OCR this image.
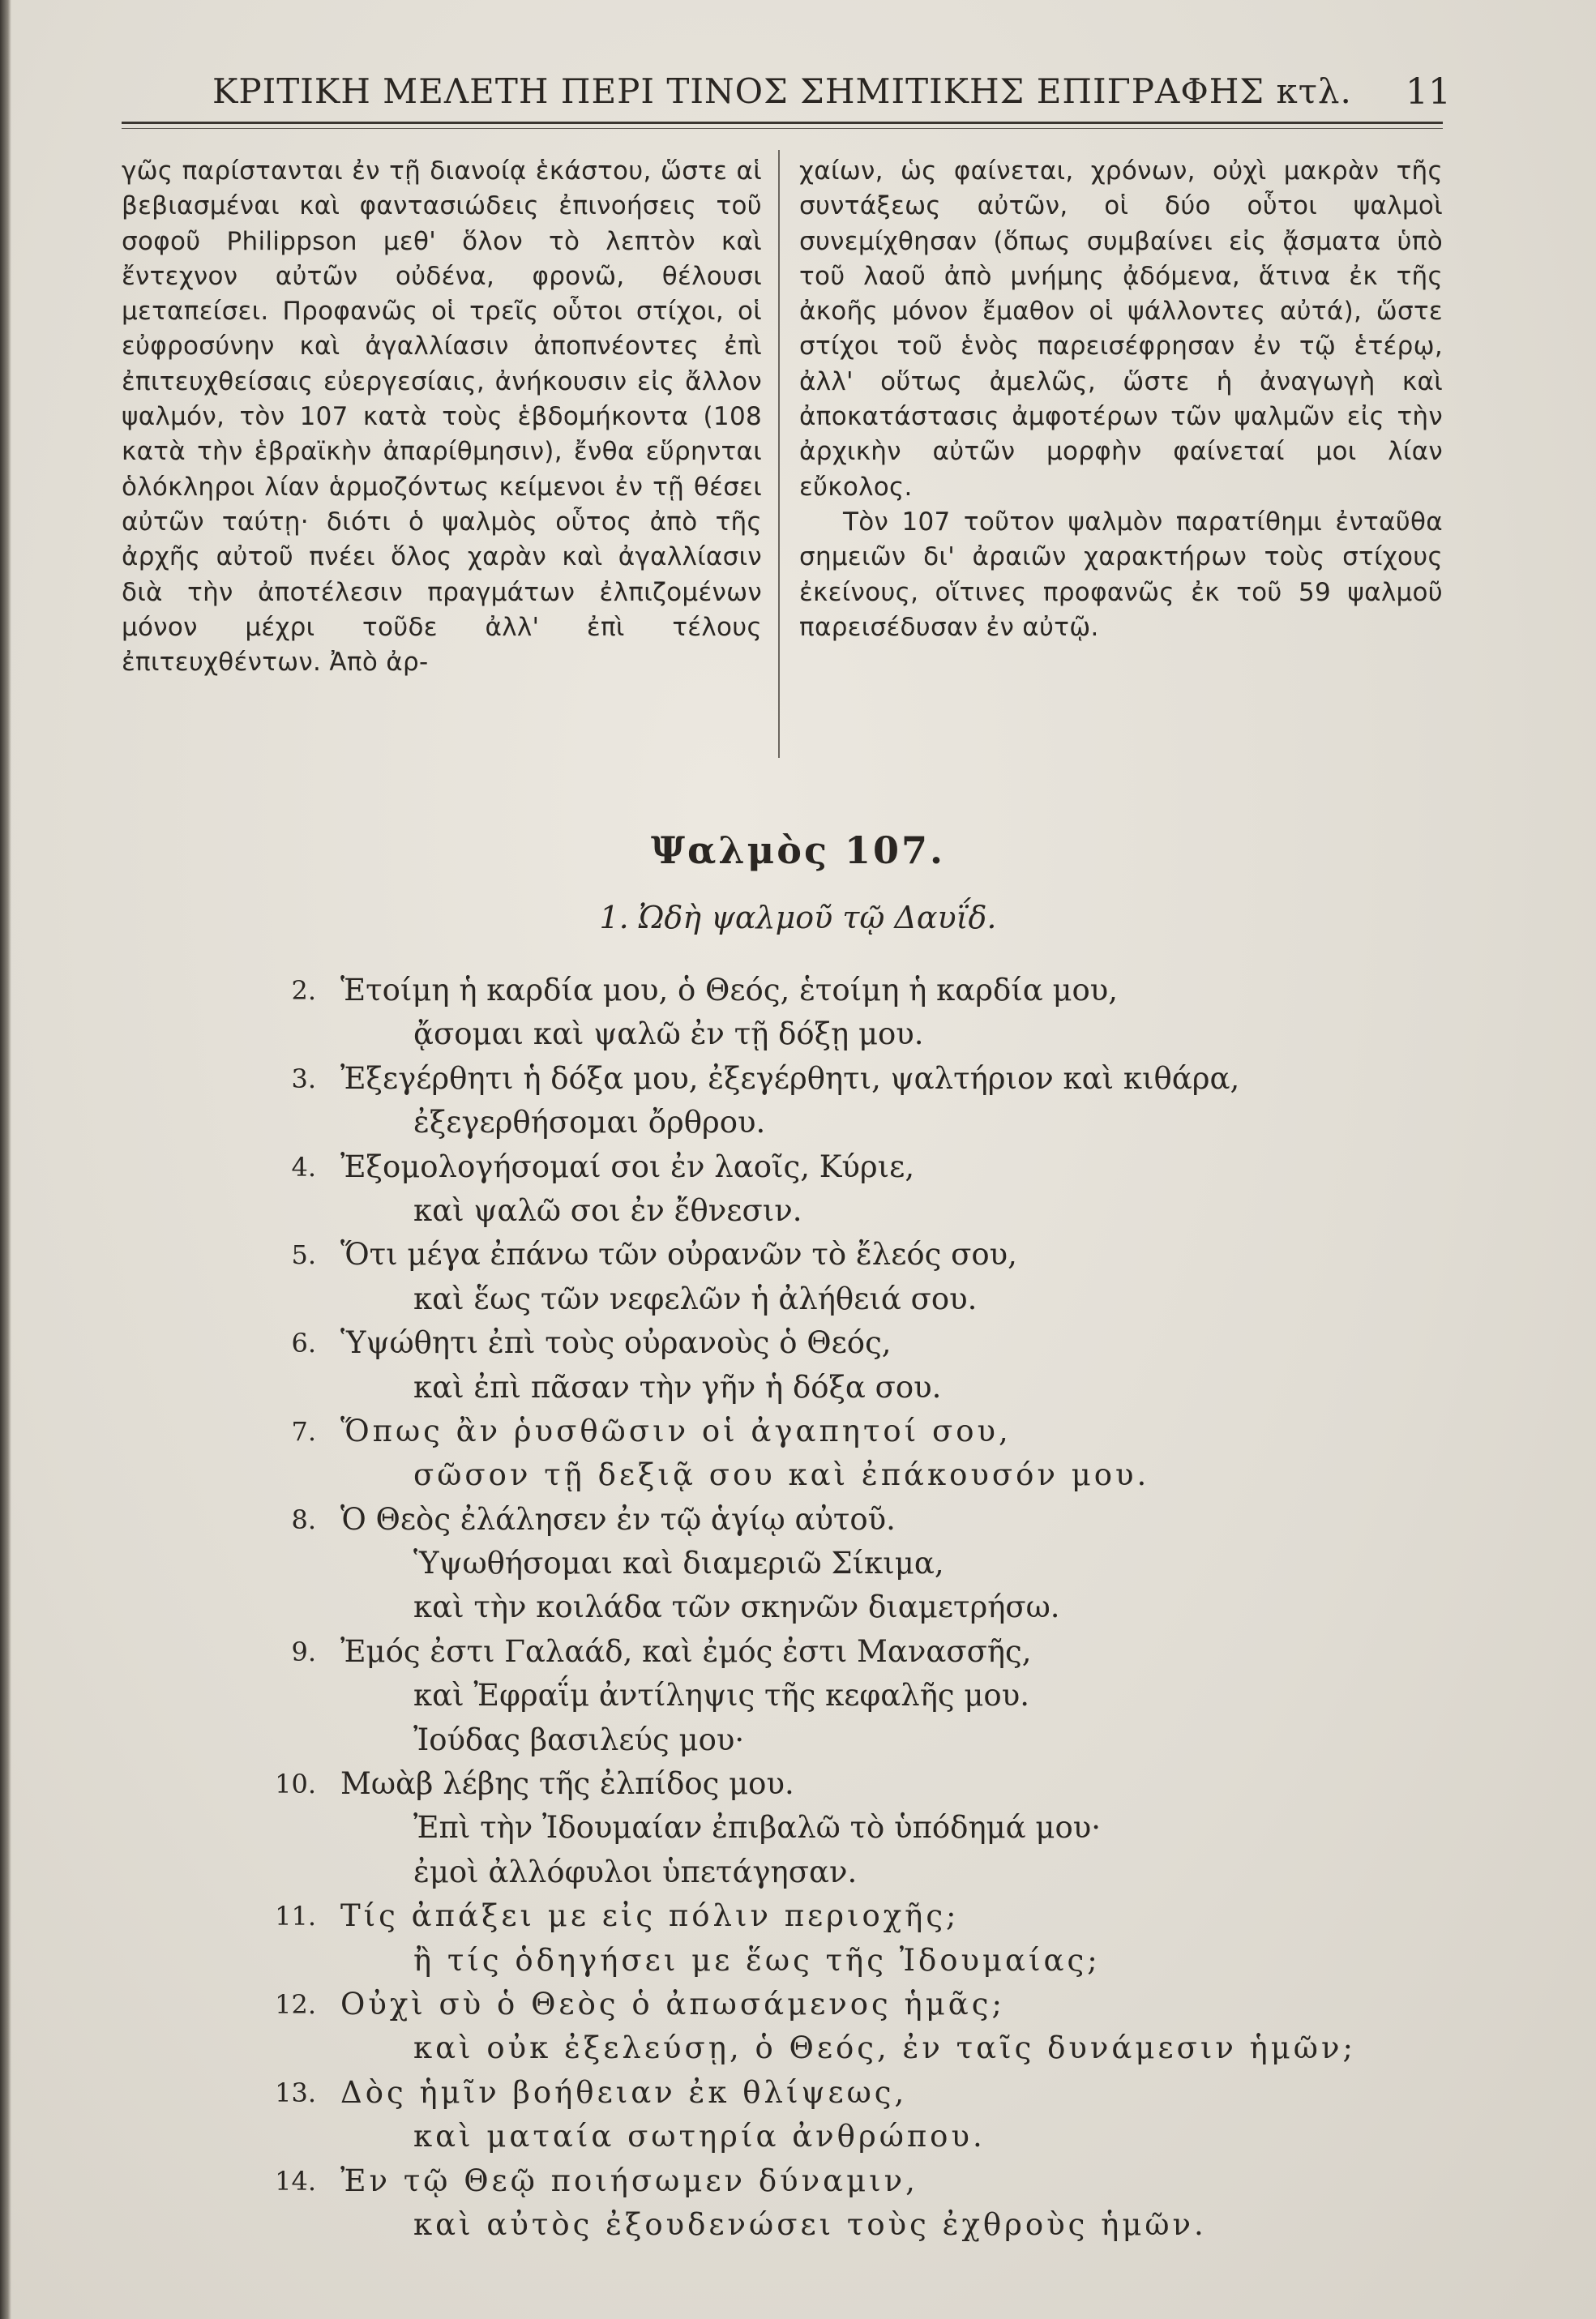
ΚΡΙΤΙΚΗ ΜΕΛΕΤΗ ΠΕΡΙ ΤΙΝΟΣ ΣΗΜΙΤΙΚΗΣ ΕΠΙΓΡΑΦΗΣ κτλ. 11

γῶς παρίστανται ἐν τῇ διανοίᾳ ἑκάστου, ὥστε αἱ βεβιασμέναι καὶ φαντασιώδεις ἐπινοήσεις τοῦ σοφοῦ Philippson μεθ' ὅλον τὸ λεπτὸν καὶ ἔντεχνον αὐτῶν οὐδένα, φρονῶ, θέλουσι μεταπείσει. Προφανῶς οἱ τρεῖς οὗτοι στίχοι, οἱ εὐφροσύνην καὶ ἀγαλλίασιν ἀποπνέοντες ἐπὶ ἐπιτευχθείσαις εὐεργεσίαις, ἀνήκουσιν εἰς ἄλλον ψαλμόν, τὸν 107 κατὰ τοὺς ἑβδομήκοντα (108 κατὰ τὴν ἑβραϊκὴν ἀπαρίθμησιν), ἔνθα εὕρηνται ὁλόκληροι λίαν ἁρμοζόντως κείμενοι ἐν τῇ θέσει αὐτῶν ταύτῃ· διότι ὁ ψαλμὸς οὗτος ἀπὸ τῆς ἀρχῆς αὐτοῦ πνέει ὅλος χαρὰν καὶ ἀγαλλίασιν διὰ τὴν ἀποτέλεσιν πραγμάτων ἐλπιζομένων μόνον μέχρι τοῦδε ἀλλ' ἐπὶ τέλους ἐπιτευχθέντων. Ἀπὸ ἀρ-

χαίων, ὡς φαίνεται, χρόνων, οὐχὶ μακρὰν τῆς συντάξεως αὐτῶν, οἱ δύο οὗτοι ψαλμοὶ συνεμίχθησαν (ὅπως συμβαίνει εἰς ᾄσματα ὑπὸ τοῦ λαοῦ ἀπὸ μνήμης ᾀδόμενα, ἅτινα ἐκ τῆς ἀκοῆς μόνον ἔμαθον οἱ ψάλλοντες αὐτά), ὥστε στίχοι τοῦ ἑνὸς παρεισέφρησαν ἐν τῷ ἑτέρῳ, ἀλλ' οὕτως ἀμελῶς, ὥστε ἡ ἀναγωγὴ καὶ ἀποκατάστασις ἀμφοτέρων τῶν ψαλμῶν εἰς τὴν ἀρχικὴν αὐτῶν μορφὴν φαίνεταί μοι λίαν εὔκολος.

Τὸν 107 τοῦτον ψαλμὸν παρατίθημι ἐνταῦθα σημειῶν δι' ἀραιῶν χαρακτήρων τοὺς στίχους ἐκείνους, οἵτινες προφανῶς ἐκ τοῦ 59 ψαλμοῦ παρεισέδυσαν ἐν αὐτῷ.

Ψαλμὸς 107.
1. Ὠδὴ ψαλμοῦ τῷ Δαυΐδ.
2. Ἑτοίμη ἡ καρδία μου, ὁ Θεός, ἑτοίμη ἡ καρδία μου,
ᾄσομαι καὶ ψαλῶ ἐν τῇ δόξῃ μου.
3. Ἐξεγέρθητι ἡ δόξα μου, ἐξεγέρθητι, ψαλτήριον καὶ κιθάρα,
ἐξεγερθήσομαι ὄρθρου.
4. Ἐξομολογήσομαί σοι ἐν λαοῖς, Κύριε,
καὶ ψαλῶ σοι ἐν ἔθνεσιν.
5. Ὅτι μέγα ἐπάνω τῶν οὐρανῶν τὸ ἔλεός σου,
καὶ ἕως τῶν νεφελῶν ἡ ἀλήθειά σου.
6. Ὑψώθητι ἐπὶ τοὺς οὐρανοὺς ὁ Θεός,
καὶ ἐπὶ πᾶσαν τὴν γῆν ἡ δόξα σου.
7. Ὅπως ἂν ῥυσθῶσιν οἱ ἀγαπητοί σου,
σῶσον τῇ δεξιᾷ σου καὶ ἐπάκουσόν μου.
8. Ὁ Θεὸς ἐλάλησεν ἐν τῷ ἁγίῳ αὐτοῦ.
Ὑψωθήσομαι καὶ διαμεριῶ Σίκιμα,
καὶ τὴν κοιλάδα τῶν σκηνῶν διαμετρήσω.
9. Ἐμός ἐστι Γαλαάδ, καὶ ἐμός ἐστι Μανασσῆς,
καὶ Ἐφραΐμ ἀντίληψις τῆς κεφαλῆς μου.
Ἰούδας βασιλεύς μου·
10. Μωὰβ λέβης τῆς ἐλπίδος μου.
Ἐπὶ τὴν Ἰδουμαίαν ἐπιβαλῶ τὸ ὑπόδημά μου·
ἐμοὶ ἀλλόφυλοι ὑπετάγησαν.
11. Τίς ἀπάξει με εἰς πόλιν περιοχῆς;
ἢ τίς ὁδηγήσει με ἕως τῆς Ἰδουμαίας;
12. Οὐχὶ σὺ ὁ Θεὸς ὁ ἀπωσάμενος ἡμᾶς;
καὶ οὐκ ἐξελεύσῃ, ὁ Θεός, ἐν ταῖς δυνάμεσιν ἡμῶν;
13. Δὸς ἡμῖν βοήθειαν ἐκ θλίψεως,
καὶ ματαία σωτηρία ἀνθρώπου.
14. Ἐν τῷ Θεῷ ποιήσωμεν δύναμιν,
καὶ αὐτὸς ἐξουδενώσει τοὺς ἐχθροὺς ἡμῶν.
